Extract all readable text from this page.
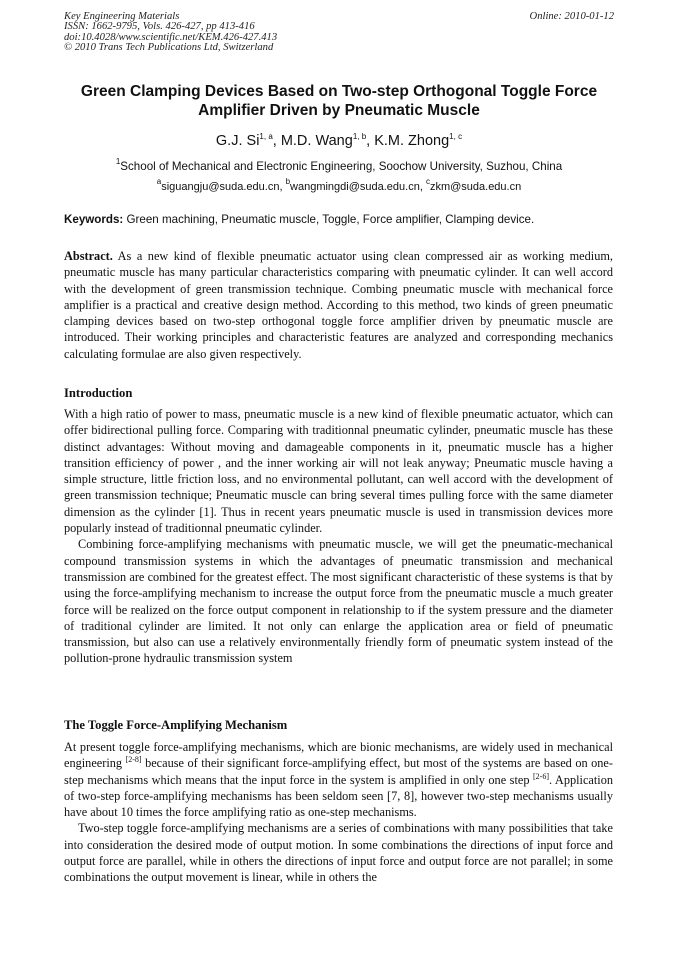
Key Engineering Materials
ISSN: 1662-9795, Vols. 426-427, pp 413-416
doi:10.4028/www.scientific.net/KEM.426-427.413
© 2010 Trans Tech Publications Ltd, Switzerland
Online: 2010-01-12
Green Clamping Devices Based on Two-step Orthogonal Toggle Force
Amplifier Driven by Pneumatic Muscle
G.J. Si$^{1, a}$, M.D. Wang$^{1, b}$, K.M. Zhong$^{1, c}$
$^1$School of Mechanical and Electronic Engineering, Soochow University, Suzhou, China
$^a$siguangju@suda.edu.cn, $^b$wangmingdi@suda.edu.cn, $^c$zkm@suda.edu.cn
Keywords: Green machining, Pneumatic muscle, Toggle, Force amplifier, Clamping device.

Abstract. As a new kind of flexible pneumatic actuator using clean compressed air as working medium, pneumatic muscle has many particular characteristics comparing with pneumatic cylinder. It can well accord with the development of green transmission technique. Combing pneumatic muscle with mechanical force amplifier is a practical and creative design method. According to this method, two kinds of green pneumatic clamping devices based on two-step orthogonal toggle force amplifier driven by pneumatic muscle are introduced. Their working principles and characteristic features are analyzed and corresponding mechanics calculating formulae are also given respectively.

Introduction

With a high ratio of power to mass, pneumatic muscle is a new kind of flexible pneumatic actuator, which can offer bidirectional pulling force. Comparing with traditionnal pneumatic cylinder, pneumatic muscle has these distinct advantages: Without moving and damageable components in it, pneumatic muscle has a higher transition efficiency of power , and the inner working air will not leak anyway; Pneumatic muscle having a simple structure, little friction loss, and no environmental pollutant, can well accord with the development of green transmission technique; Pneumatic muscle can bring several times pulling force with the same diameter dimension as the cylinder [1]. Thus in recent years pneumatic muscle is used in transmission devices more popularly instead of traditionnal pneumatic cylinder.

Combining force-amplifying mechanisms with pneumatic muscle, we will get the pneumatic-mechanical compound transmission systems in which the advantages of pneumatic transmission and mechanical transmission are combined for the greatest effect. The most significant characteristic of these systems is that by using the force-amplifying mechanism to increase the output force from the pneumatic muscle a much greater force will be realized on the force output component in relationship to if the system pressure and the diameter of traditional cylinder are limited. It not only can enlarge the application area or field of pneumatic transmission, but also can use a relatively environmentally friendly form of pneumatic system instead of the pollution-prone hydraulic transmission system

The Toggle Force-Amplifying Mechanism

At present toggle force-amplifying mechanisms, which are bionic mechanisms, are widely used in mechanical engineering [2-8] because of their significant force-amplifying effect, but most of the systems are based on one-step mechanisms which means that the input force in the system is amplified in only one step [2-6]. Application of two-step force-amplifying mechanisms has been seldom seen [7, 8], however two-step mechanisms usually have about 10 times the force amplifying ratio as one-step mechanisms.

Two-step toggle force-amplifying mechanisms are a series of combinations with many possibilities that take into consideration the desired mode of output motion. In some combinations the directions of input force and output force are parallel, while in others the directions of input force and output force are not parallel; in some combinations the output movement is linear, while in others the
